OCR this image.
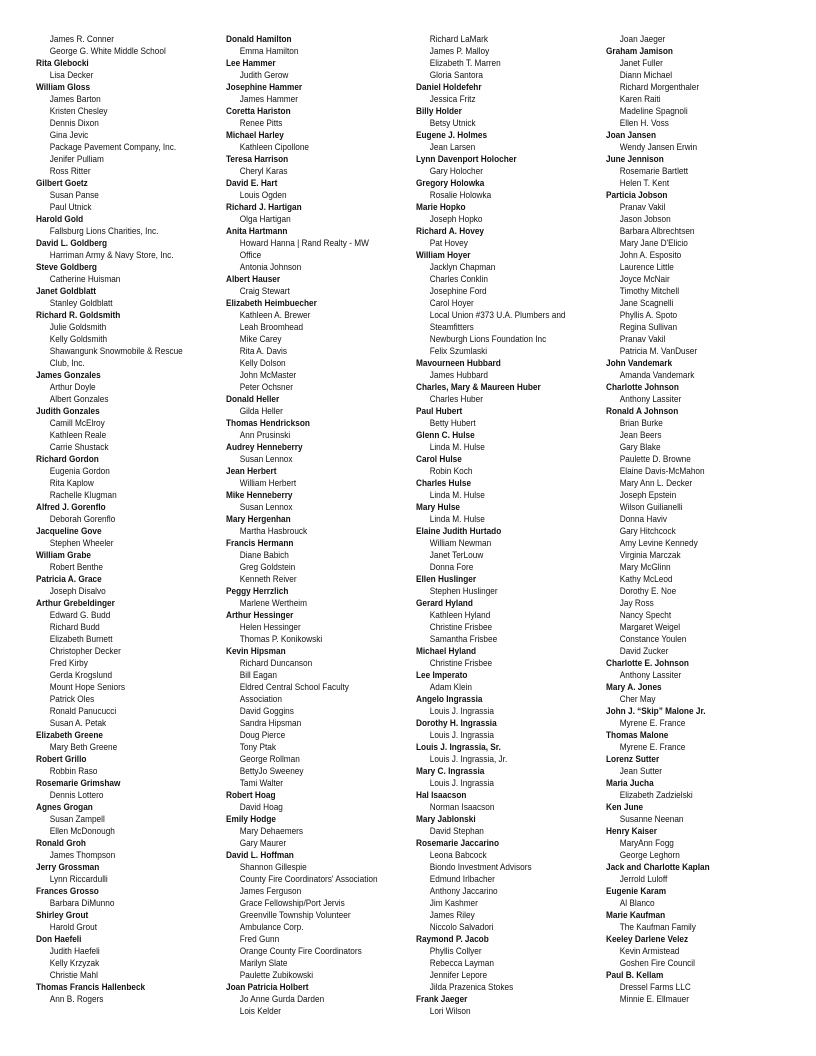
James R. Conner
George G. White Middle School
Rita Glebocki
Lisa Decker
William Gloss
James Barton
Kristen Chesley
Dennis Dixon
Gina Jevic
Package Pavement Company, Inc.
Jenifer Pulliam
Ross Ritter
Gilbert Goetz
Susan Panse
Paul Utnick
Harold Gold
Fallsburg Lions Charities, Inc.
David L. Goldberg
Harriman Army & Navy Store, Inc.
Steve Goldberg
Catherine Huisman
Janet Goldblatt
Stanley Goldblatt
Richard R. Goldsmith
Julie Goldsmith
Kelly Goldsmith
Shawangunk Snowmobile & Rescue
Club, Inc.
James Gonzales
Arthur Doyle
Albert Gonzales
Judith Gonzales
Camill McElroy
Kathleen Reale
Carrie Shustack
Richard Gordon
Eugenia Gordon
Rita Kaplow
Rachelle Klugman
Alfred J. Gorenflo
Deborah Gorenflo
Jacqueline Gove
Stephen Wheeler
William Grabe
Robert Benthe
Patricia A. Grace
Joseph Disalvo
Arthur Grebeldinger
Edward G. Budd
Richard Budd
Elizabeth Burnett
Christopher Decker
Fred Kirby
Gerda Krogslund
Mount Hope Seniors
Patrick Oles
Ronald Panucucci
Susan A. Petak
Elizabeth Greene
Mary Beth Greene
Robert Grillo
Robbin Raso
Rosemarie Grimshaw
Dennis Lottero
Agnes Grogan
Susan Zampell
Ellen McDonough
Ronald Groh
James Thompson
Jerry Grossman
Lynn Riccardulli
Frances Grosso
Barbara DiMunno
Shirley Grout
Harold Grout
Don Haefeli
Judith Haefeli
Kelly Krzyzak
Christie Mahl
Thomas Francis Hallenbeck
Ann B. Rogers
Donald Hamilton
Emma Hamilton
Lee Hammer
Judith Gerow
Josephine Hammer
James Hammer
Coretta Hariston
Renee Pitts
Michael Harley
Kathleen Cipollone
Teresa Harrison
Cheryl Karas
David E. Hart
Louis Ogden
Richard J. Hartigan
Olga Hartigan
Anita Hartmann
Howard Hanna | Rand Realty - MW
Office
Antonia Johnson
Albert Hauser
Craig Stewart
Elizabeth Heimbuecher
Kathleen A. Brewer
Leah Broomhead
Mike Carey
Rita A. Davis
Kelly Dolson
John McMaster
Peter Ochsner
Donald Heller
Gilda Heller
Thomas Hendrickson
Ann Prusinski
Audrey Henneberry
Susan Lennox
Jean Herbert
William Herbert
Mike Henneberry
Susan Lennox
Mary Hergenhan
Martha Hasbrouck
Francis Hermann
Diane Babich
Greg Goldstein
Kenneth Reiver
Peggy Herrzlich
Marlene Wertheim
Arthur Hessinger
Helen Hessinger
Thomas P. Konikowski
Kevin Hipsman
Richard Duncanson
Bill Eagan
Eldred Central School Faculty
Association
David Goggins
Sandra Hipsman
Doug Pierce
Tony Ptak
George Rollman
BettyJo Sweeney
Tami Walter
Robert Hoag
David Hoag
Emily Hodge
Mary Dehaemers
Gary Maurer
David L. Hoffman
Shannon Gillespie
County Fire Coordinators' Association
James Ferguson
Grace Fellowship/Port Jervis
Greenville Township Volunteer
Ambulance Corp.
Fred Gunn
Orange County Fire Coordinators
Marilyn Slate
Paulette Zubikowski
Joan Patricia Holbert
Jo Anne Gurda Darden
Lois Kelder
Richard LaMark
James P. Malloy
Elizabeth T. Marren
Gloria Santora
Daniel Holdefehr
Jessica Fritz
Billy Holder
Betsy Utnick
Eugene J. Holmes
Jean Larsen
Lynn Davenport Holocher
Gary Holocher
Gregory Holowka
Rosalie Holowka
Marie Hopko
Joseph Hopko
Richard A. Hovey
Pat Hovey
William Hoyer
Jacklyn Chapman
Charles Conklin
Josephine Ford
Carol Hoyer
Local Union #373 U.A. Plumbers and
Steamfitters
Newburgh Lions Foundation Inc
Felix Szumlaski
Mavourneen Hubbard
James Hubbard
Charles, Mary & Maureen Huber
Charles Huber
Paul Hubert
Betty Hubert
Glenn C. Hulse
Linda M. Hulse
Carol Hulse
Robin Koch
Charles Hulse
Linda M. Hulse
Mary Hulse
Linda M. Hulse
Elaine Judith Hurtado
William Newman
Janet TerLouw
Donna Fore
Ellen Huslinger
Stephen Huslinger
Gerard Hyland
Kathleen Hyland
Christine Frisbee
Samantha Frisbee
Michael Hyland
Christine Frisbee
Lee Imperato
Adam Klein
Angelo Ingrassia
Louis J. Ingrassia
Dorothy H. Ingrassia
Louis J. Ingrassia
Louis J. Ingrassia, Sr.
Louis J. Ingrassia, Jr.
Mary C. Ingrassia
Louis J. Ingrassia
Hal Isaacson
Norman Isaacson
Mary Jablonski
David Stephan
Rosemarie Jaccarino
Leona Babcock
Biondo Investment Advisors
Edmund Irlbacher
Anthony Jaccarino
Jim Kashmer
James Riley
Niccolo Salvadori
Raymond P. Jacob
Phyllis Collyer
Rebecca Layman
Jennifer Lepore
Jilda Prazenica Stokes
Frank Jaeger
Lori Wilson
Joan Jaeger
Graham Jamison
Janet Fuller
Diann Michael
Richard Morgenthaler
Karen Raiti
Madeline Spagnoli
Ellen H. Voss
Joan Jansen
Wendy Jansen Erwin
June Jennison
Rosemarie Bartlett
Helen T. Kent
Particia Jobson
Pranav Vakil
Jason Jobson
Barbara Albrechtsen
Mary Jane D'Elicio
John A. Esposito
Laurence Little
Joyce McNair
Timothy Mitchell
Jane Scagnelli
Phyllis A. Spoto
Regina Sullivan
Pranav Vakil
Patricia M. VanDuser
John Vandemark
Amanda Vandemark
Charlotte Johnson
Anthony Lassiter
Ronald A Johnson
Brian Burke
Jean Beers
Gary Blake
Paulette D. Browne
Elaine Davis-McMahon
Mary Ann L. Decker
Joseph Epstein
Wilson Guilianelli
Donna Haviv
Gary Hitchcock
Amy Levine Kennedy
Virginia Marczak
Mary McGlinn
Kathy McLeod
Dorothy E. Noe
Jay Ross
Nancy Specht
Margaret Weigel
Constance Youlen
David Zucker
Charlotte E. Johnson
Anthony Lassiter
Mary A. Jones
Cher May
John J. “Skip” Malone Jr.
Myrene E. France
Thomas Malone
Myrene E. France
Lorenz Sutter
Jean Sutter
Maria Jucha
Elizabeth Zadzielski
Ken June
Susanne Neenan
Henry Kaiser
MaryAnn Fogg
George Leghorn
Jack and Charlotte Kaplan
Jerrold Luloff
Eugenie Karam
Al Blanco
Marie Kaufman
The Kaufman Family
Keeley Darlene Velez
Kevin Armistead
Goshen Fire Council
Paul B. Kellam
Dressel Farms LLC
Minnie E. Ellmauer
